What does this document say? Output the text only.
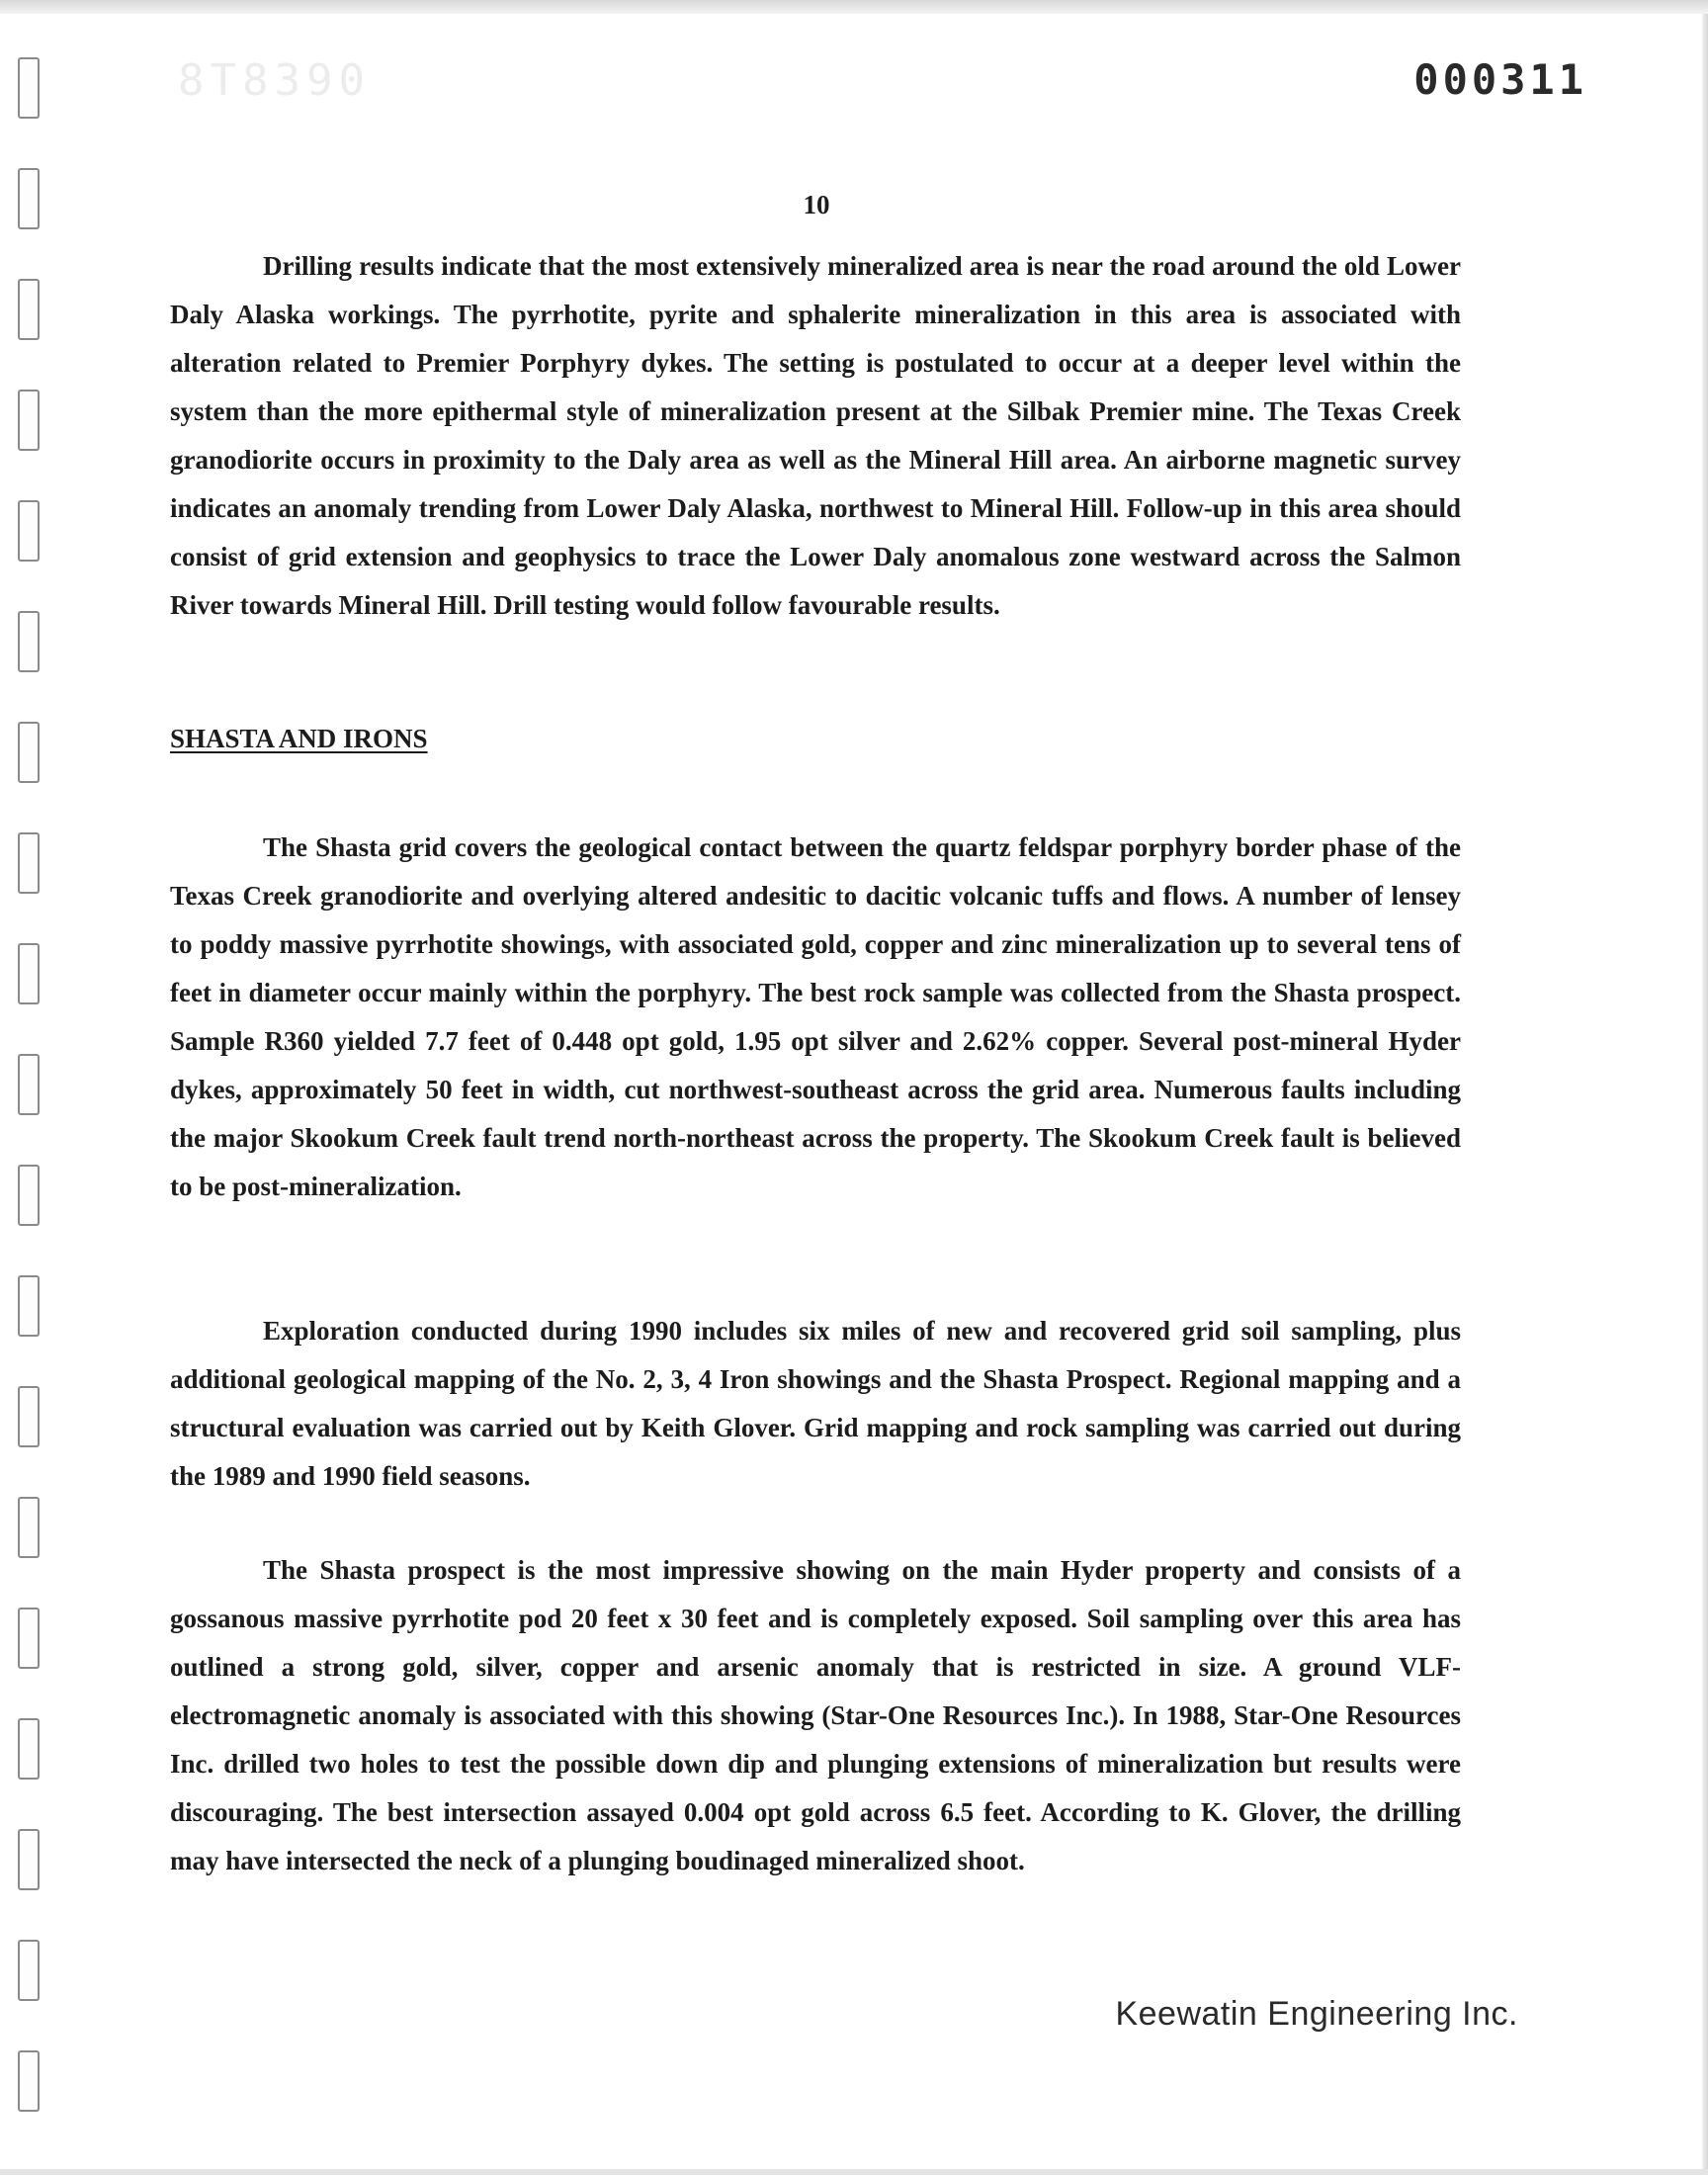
8T8390	000311
10

Drilling results indicate that the most extensively mineralized area is near the road around the old Lower Daly Alaska workings. The pyrrhotite, pyrite and sphalerite mineralization in this area is associated with alteration related to Premier Porphyry dykes. The setting is postulated to occur at a deeper level within the system than the more epithermal style of mineralization present at the Silbak Premier mine. The Texas Creek granodiorite occurs in proximity to the Daly area as well as the Mineral Hill area. An airborne magnetic survey indicates an anomaly trending from Lower Daly Alaska, northwest to Mineral Hill. Follow-up in this area should consist of grid extension and geophysics to trace the Lower Daly anomalous zone westward across the Salmon River towards Mineral Hill. Drill testing would follow favourable results.

SHASTA AND IRONS

The Shasta grid covers the geological contact between the quartz feldspar porphyry border phase of the Texas Creek granodiorite and overlying altered andesitic to dacitic volcanic tuffs and flows. A number of lensey to poddy massive pyrrhotite showings, with associated gold, copper and zinc mineralization up to several tens of feet in diameter occur mainly within the porphyry. The best rock sample was collected from the Shasta prospect. Sample R360 yielded 7.7 feet of 0.448 opt gold, 1.95 opt silver and 2.62% copper. Several post-mineral Hyder dykes, approximately 50 feet in width, cut northwest-southeast across the grid area. Numerous faults including the major Skookum Creek fault trend north-northeast across the property. The Skookum Creek fault is believed to be post-mineralization.

Exploration conducted during 1990 includes six miles of new and recovered grid soil sampling, plus additional geological mapping of the No. 2, 3, 4 Iron showings and the Shasta Prospect. Regional mapping and a structural evaluation was carried out by Keith Glover. Grid mapping and rock sampling was carried out during the 1989 and 1990 field seasons.

The Shasta prospect is the most impressive showing on the main Hyder property and consists of a gossanous massive pyrrhotite pod 20 feet x 30 feet and is completely exposed. Soil sampling over this area has outlined a strong gold, silver, copper and arsenic anomaly that is restricted in size. A ground VLF-electromagnetic anomaly is associated with this showing (Star-One Resources Inc.). In 1988, Star-One Resources Inc. drilled two holes to test the possible down dip and plunging extensions of mineralization but results were discouraging. The best intersection assayed 0.004 opt gold across 6.5 feet. According to K. Glover, the drilling may have intersected the neck of a plunging boudinaged mineralized shoot.

Keewatin Engineering Inc.
